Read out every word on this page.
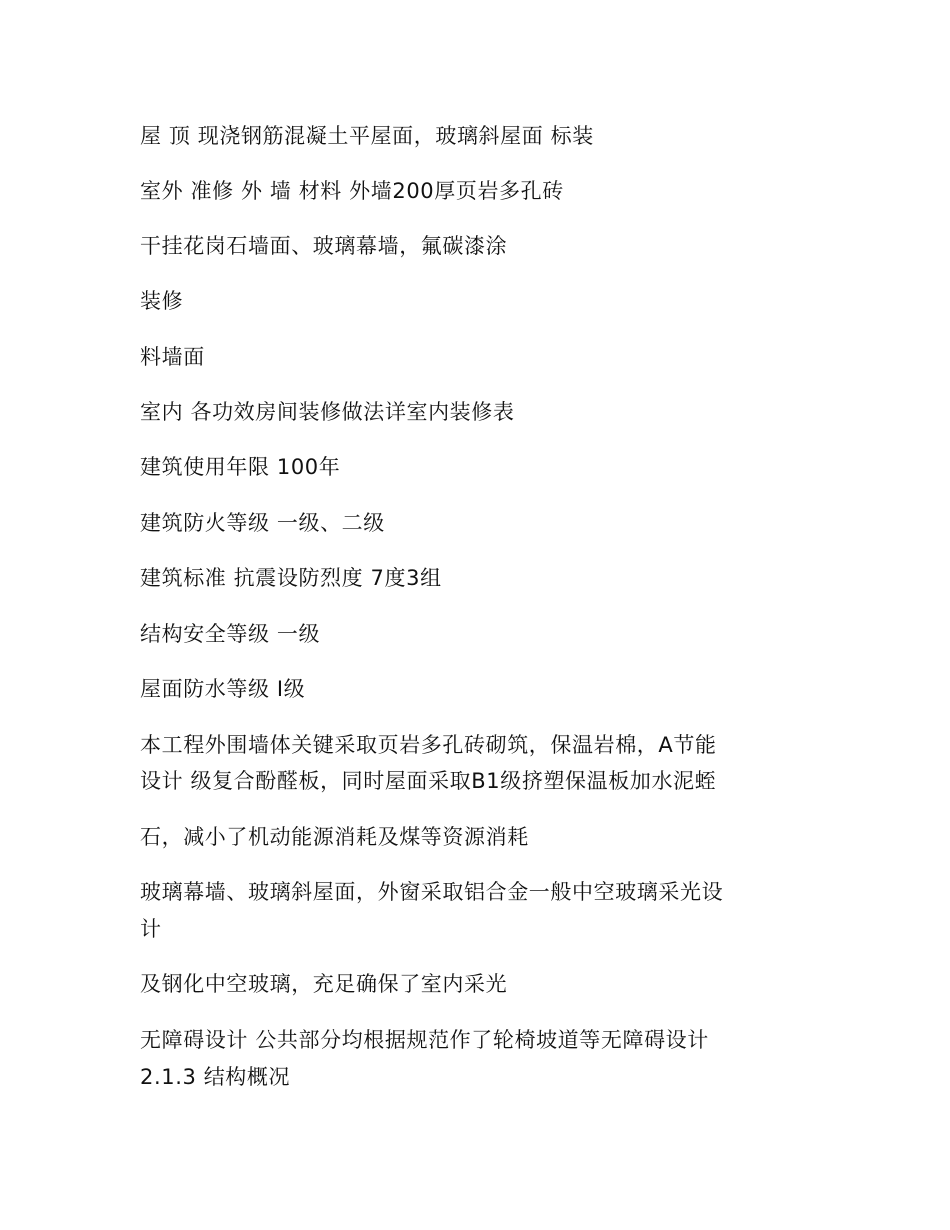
屋 顶 现浇钢筋混凝土平屋面，玻璃斜屋面 标装
室外 准修 外 墙 材料 外墙200厚页岩多孔砖
干挂花岗石墙面、玻璃幕墙，氟碳漆涂
装修
料墙面
室内 各功效房间装修做法详室内装修表
建筑使用年限 100年
建筑防火等级 一级、二级
建筑标准 抗震设防烈度 7度3组
结构安全等级 一级
屋面防水等级 Ⅰ级
本工程外围墙体关键采取页岩多孔砖砌筑，保温岩棉，A节能
设计 级复合酚醛板，同时屋面采取B1级挤塑保温板加水泥蛭
石，减小了机动能源消耗及煤等资源消耗
玻璃幕墙、玻璃斜屋面，外窗采取铝合金一般中空玻璃采光设
计
及钢化中空玻璃，充足确保了室内采光
无障碍设计 公共部分均根据规范作了轮椅坡道等无障碍设计
2.1.3 结构概况
